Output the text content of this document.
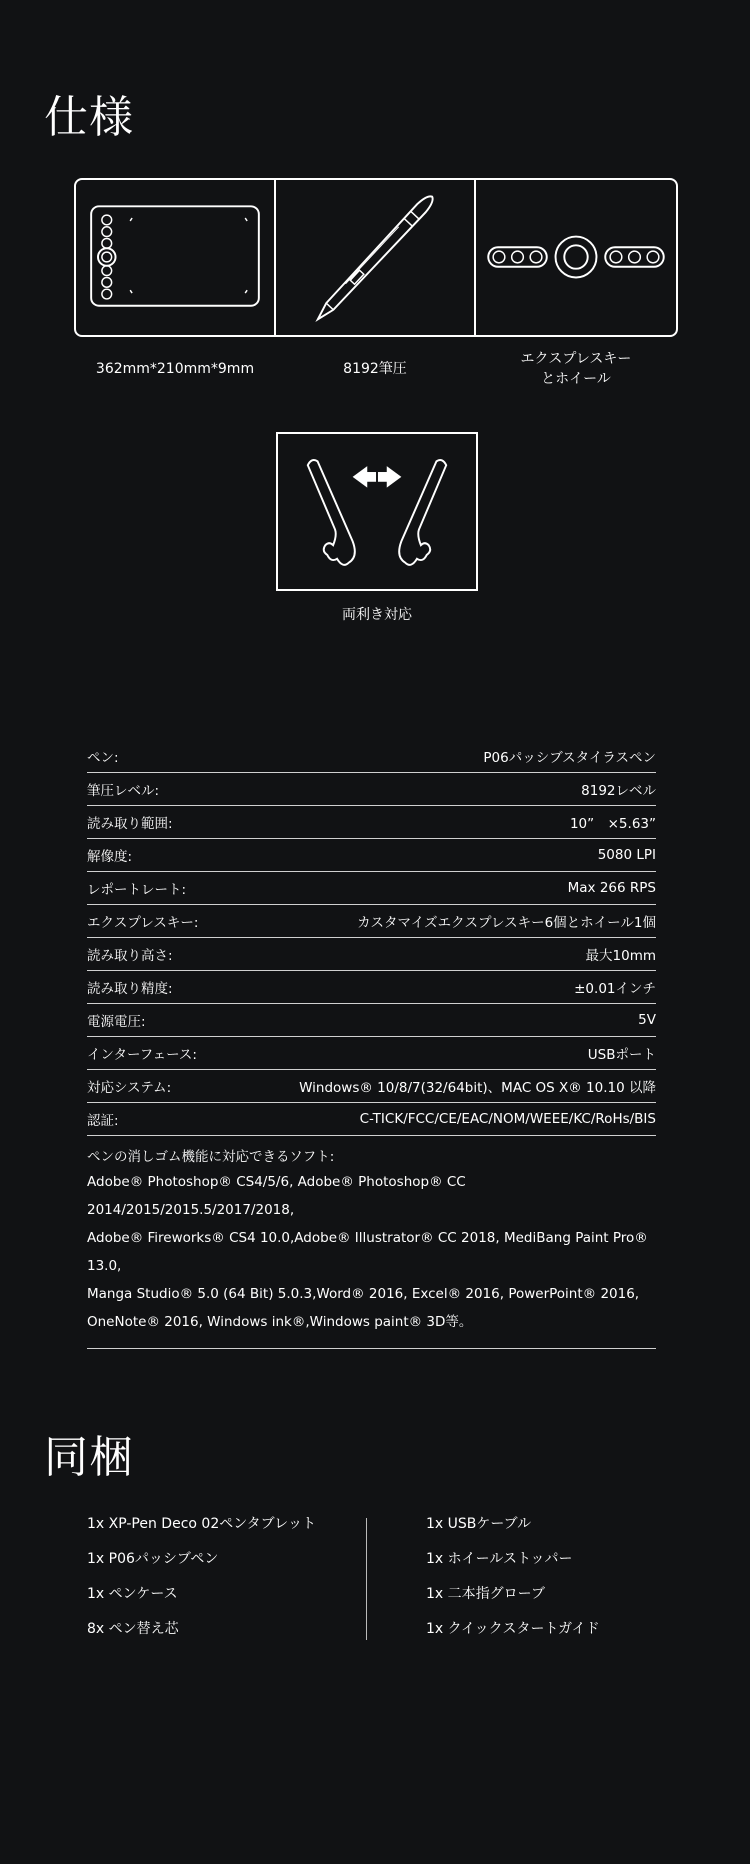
仕様
362mm*210mm*9mm	8192筆圧
エクスプレスキー
とホイール
両利き対応
ペン:	P06パッシブスタイラスペン
筆圧レベル:	8192レベル
読み取り範囲:	10”　×5.63”
解像度:	5080 LPI
レポートレート:	Max 266 RPS
エクスプレスキー:	カスタマイズエクスプレスキー6個とホイール1個
読み取り高さ:	最大10mm
読み取り精度:	±0.01インチ
電源電圧:	5V
インターフェース:	USBポート
対応システム:	Windows® 10/8/7(32/64bit)、MAC OS X® 10.10 以降
認証:	C-TICK/FCC/CE/EAC/NOM/WEEE/KC/RoHs/BIS
ペンの消しゴム機能に対応できるソフト:
Adobe® Photoshop® CS4/5/6, Adobe® Photoshop® CC 2014/2015/2015.5/2017/2018,
Adobe® Fireworks® CS4 10.0,Adobe® Illustrator® CC 2018, MediBang Paint Pro® 13.0,
Manga Studio® 5.0 (64 Bit) 5.0.3,Word® 2016, Excel® 2016, PowerPoint® 2016,
OneNote® 2016, Windows ink®,Windows paint® 3D等。
同梱
1x XP-Pen Deco 02ペンタブレット
1x P06パッシブペン
1x ペンケース
8x ペン替え芯
1x USBケーブル
1x ホイールストッパー
1x 二本指グローブ
1x クイックスタートガイド
